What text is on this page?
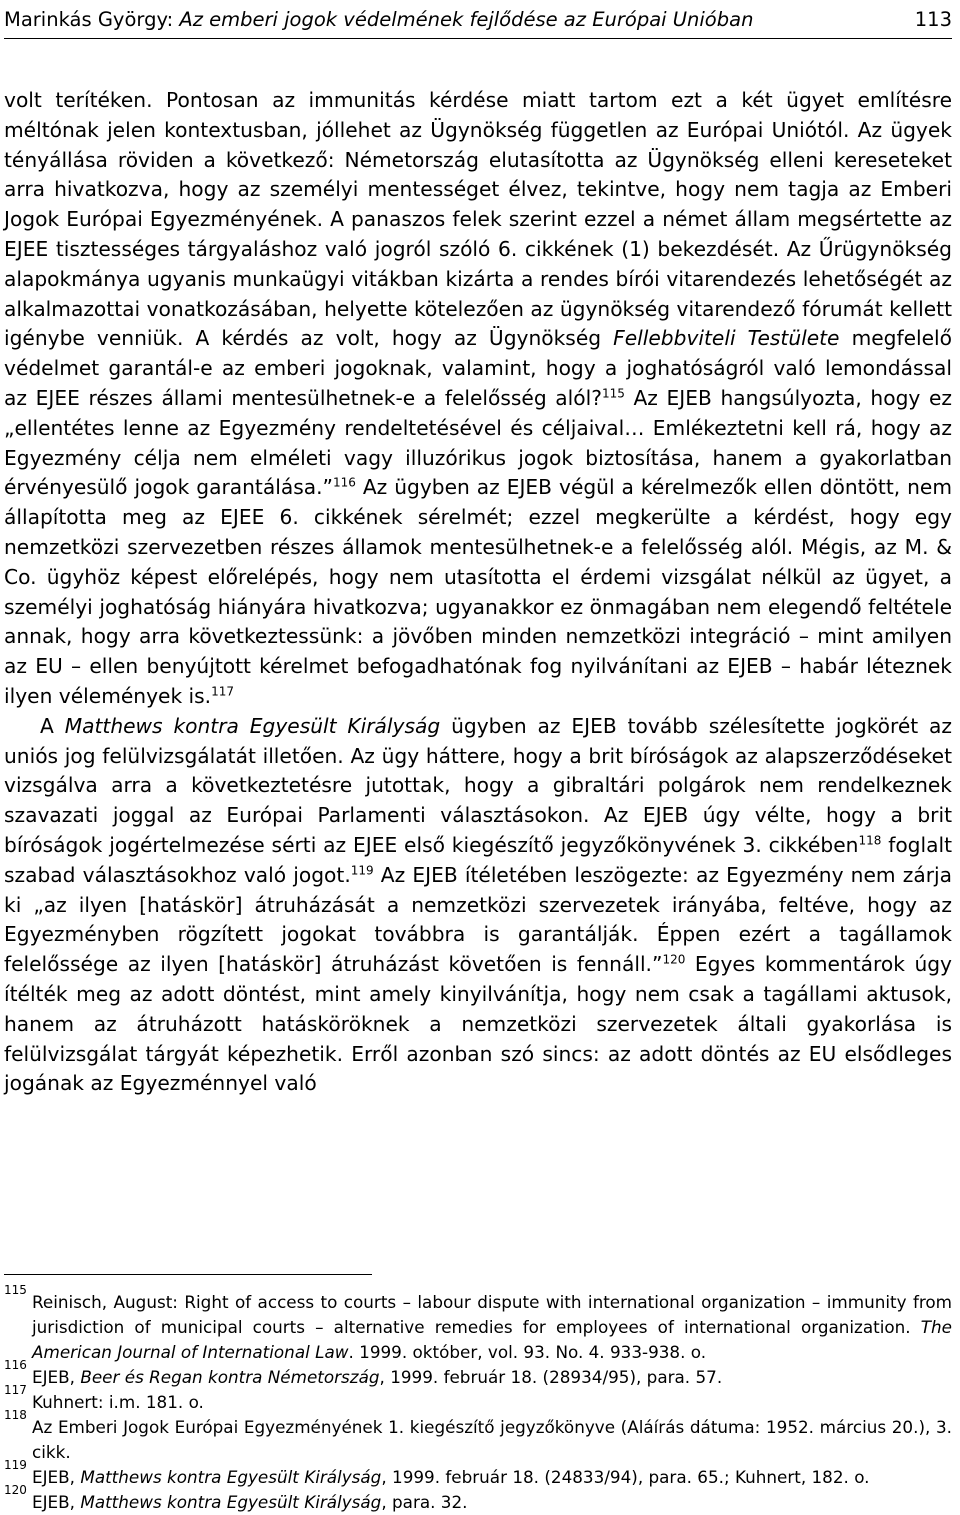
Marinkás György: Az emberi jogok védelmének fejlődése az Európai Unióban	113

volt terítéken. Pontosan az immunitás kérdése miatt tartom ezt a két ügyet említésre méltónak jelen kontextusban, jóllehet az Ügynökség független az Európai Uniótól. Az ügyek tényállása röviden a következő: Németország elutasította az Ügynökség elleni kereseteket arra hivatkozva, hogy az személyi mentességet élvez, tekintve, hogy nem tagja az Emberi Jogok Európai Egyezményének. A panaszos felek szerint ezzel a német állam megsértette az EJEE tisztességes tárgyaláshoz való jogról szóló 6. cikkének (1) bekezdését. Az Űrügynökség alapokmánya ugyanis munkaügyi vitákban kizárta a rendes bírói vitarendezés lehetőségét az alkalmazottai vonatkozásában, helyette kötelezően az ügynökség vitarendező fórumát kellett igénybe venniük. A kérdés az volt, hogy az Ügynökség Fellebbviteli Testülete megfelelő védelmet garantál-e az emberi jogoknak, valamint, hogy a joghatóságról való lemondással az EJEE részes állami mentesülhetnek-e a felelősség alól?$^{115}$ Az EJEB hangsúlyozta, hogy ez „ellentétes lenne az Egyezmény rendeltetésével és céljaival… Emlékeztetni kell rá, hogy az Egyezmény célja nem elméleti vagy illuzórikus jogok biztosítása, hanem a gyakorlatban érvényesülő jogok garantálása.”$^{116}$ Az ügyben az EJEB végül a kérelmezők ellen döntött, nem állapította meg az EJEE 6. cikkének sérelmét; ezzel megkerülte a kérdést, hogy egy nemzetközi szervezetben részes államok mentesülhetnek-e a felelősség alól. Mégis, az M. & Co. ügyhöz képest előrelépés, hogy nem utasította el érdemi vizsgálat nélkül az ügyet, a személyi joghatóság hiányára hivatkozva; ugyanakkor ez önmagában nem elegendő feltétele annak, hogy arra következtessünk: a jövőben minden nemzetközi integráció – mint amilyen az EU – ellen benyújtott kérelmet befogadhatónak fog nyilvánítani az EJEB – habár léteznek ilyen vélemények is.$^{117}$

A Matthews kontra Egyesült Királyság ügyben az EJEB tovább szélesítette jogkörét az uniós jog felülvizsgálatát illetően. Az ügy háttere, hogy a brit bíróságok az alapszerződéseket vizsgálva arra a következtetésre jutottak, hogy a gibraltári polgárok nem rendelkeznek szavazati joggal az Európai Parlamenti választásokon. Az EJEB úgy vélte, hogy a brit bíróságok jogértelmezése sérti az EJEE első kiegészítő jegyzőkönyvének 3. cikkében$^{118}$ foglalt szabad választásokhoz való jogot.$^{119}$ Az EJEB ítéletében leszögezte: az Egyezmény nem zárja ki „az ilyen [hatáskör] átruházását a nemzetközi szervezetek irányába, feltéve, hogy az Egyezményben rögzített jogokat továbbra is garantálják. Éppen ezért a tagállamok felelőssége az ilyen [hatáskör] átruházást követően is fennáll.”$^{120}$ Egyes kommentárok úgy ítélték meg az adott döntést, mint amely kinyilvánítja, hogy nem csak a tagállami aktusok, hanem az átruházott hatásköröknek a nemzetközi szervezetek általi gyakorlása is felülvizsgálat tárgyát képezhetik. Erről azonban szó sincs: az adott döntés az EU elsődleges jogának az Egyezménnyel való

115
Reinisch, August: Right of access to courts – labour dispute with international organization – immunity from jurisdiction of municipal courts – alternative remedies for employees of international organization. The American Journal of International Law. 1999. október, vol. 93. No. 4. 933-938. o.
116
EJEB, Beer és Regan kontra Németország, 1999. február 18. (28934/95), para. 57.
117
Kuhnert: i.m. 181. o.
118
Az Emberi Jogok Európai Egyezményének 1. kiegészítő jegyzőkönyve (Aláírás dátuma: 1952. március 20.), 3. cikk.
119
EJEB, Matthews kontra Egyesült Királyság, 1999. február 18. (24833/94), para. 65.; Kuhnert, 182. o.
120
EJEB, Matthews kontra Egyesült Királyság, para. 32.
